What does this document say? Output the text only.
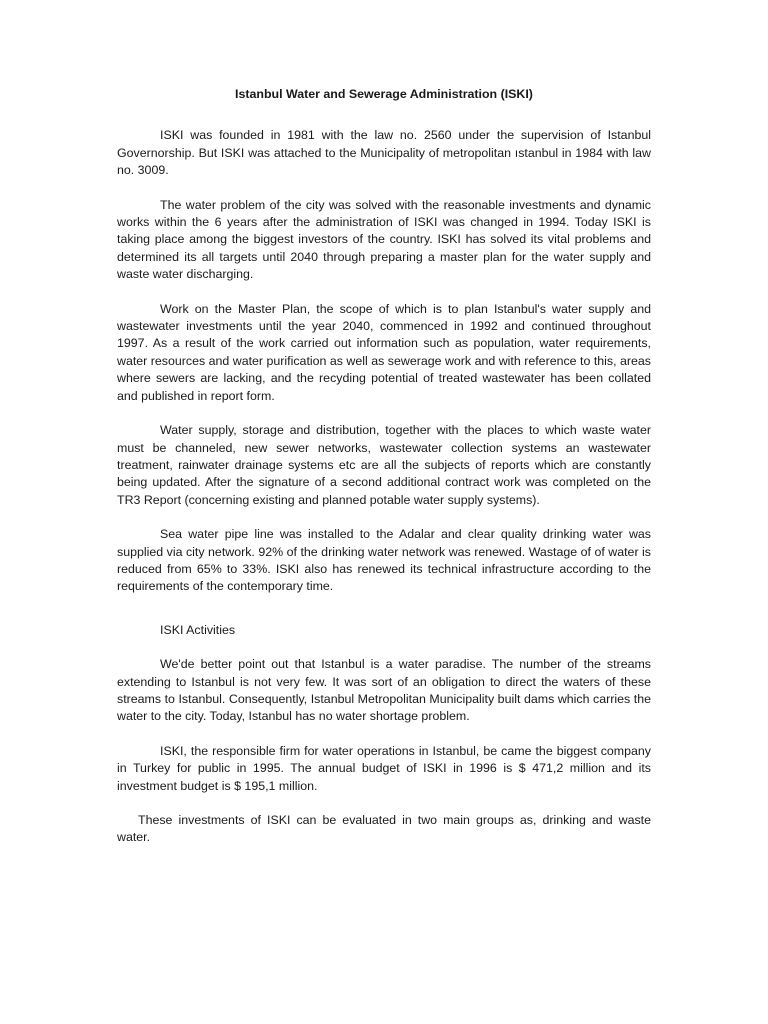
Istanbul Water and Sewerage Administration (ISKI)

ISKI was founded in 1981 with the law no. 2560 under the supervision of Istanbul Governorship. But ISKI was attached to the Municipality of metropolitan ıstanbul in 1984 with law no. 3009.

The water problem of the city was solved with the reasonable investments and dynamic works within the 6 years after the administration of ISKI was changed in 1994. Today ISKI is taking place among the biggest investors of the country. ISKI has solved its vital problems and determined its all targets until 2040 through preparing a master plan for the water supply and waste water discharging.

Work on the Master Plan, the scope of which is to plan Istanbul's water supply and wastewater investments until the year 2040, commenced in 1992 and continued throughout 1997. As a result of the work carried out information such as population, water requirements, water resources and water purification as well as sewerage work and with reference to this, areas where sewers are lacking, and the recyding potential of treated wastewater has been collated and published in report form.

Water supply, storage and distribution, together with the places to which waste water must be channeled, new sewer networks, wastewater collection systems an wastewater treatment, rainwater drainage systems etc are all the subjects of reports which are constantly being updated. After the signature of a second additional contract work was completed on the TR3 Report (concerning existing and planned potable water supply systems).

Sea water pipe line was installed to the Adalar and clear quality drinking water was supplied via city network. 92% of the drinking water network was renewed. Wastage of of water is reduced from 65% to 33%. ISKI also has renewed its technical infrastructure according to the requirements of the contemporary time.

ISKI Activities

We'de better point out that Istanbul is a water paradise. The number of the streams extending to Istanbul is not very few. It was sort of an obligation to direct the waters of these streams to Istanbul. Consequently, Istanbul Metropolitan Municipality built dams which carries the water to the city. Today, Istanbul has no water shortage problem.

ISKI, the responsible firm for water operations in Istanbul, be came the biggest company in Turkey for public in 1995. The annual budget of ISKI in 1996 is $ 471,2 million and its investment budget is $ 195,1 million.

These investments of ISKI can be evaluated in two main groups as, drinking and waste water.
